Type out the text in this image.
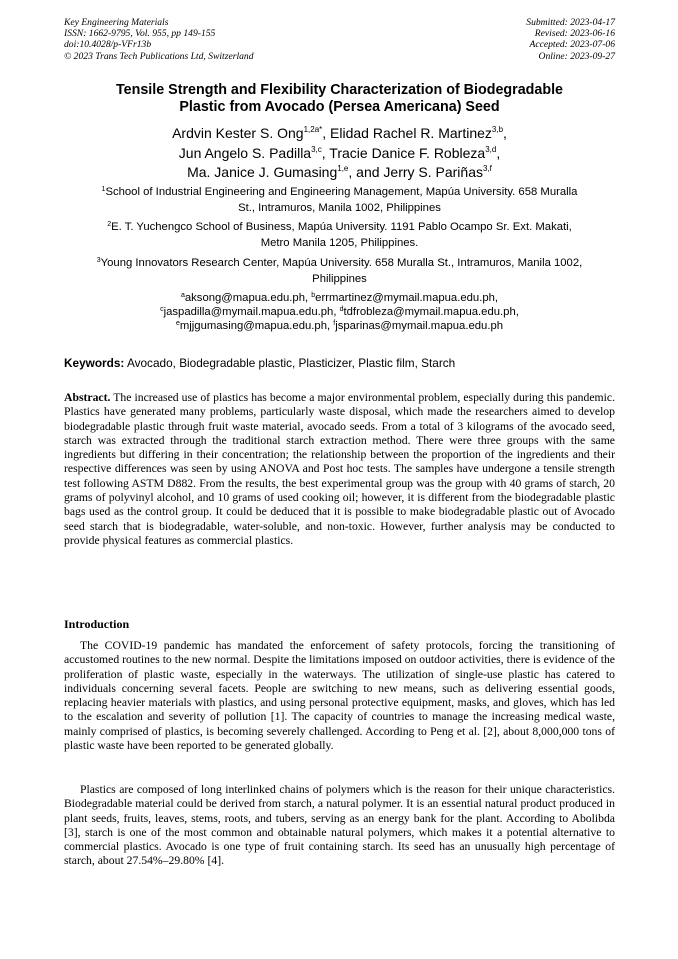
Key Engineering Materials
ISSN: 1662-9795, Vol. 955, pp 149-155
doi:10.4028/p-VFr13b
© 2023 Trans Tech Publications Ltd, Switzerland
Submitted: 2023-04-17
Revised: 2023-06-16
Accepted: 2023-07-06
Online: 2023-09-27
Tensile Strength and Flexibility Characterization of Biodegradable
Plastic from Avocado (Persea Americana) Seed
Ardvin Kester S. Ong$^{1,2a*}$, Elidad Rachel R. Martinez$^{3,b}$,
Jun Angelo S. Padilla$^{3,c}$, Tracie Danice F. Robleza$^{3,d}$,
Ma. Janice J. Gumasing$^{1,e}$, and Jerry S. Pariñas$^{3,f}$
$^1$School of Industrial Engineering and Engineering Management, Mapúa University. 658 Muralla
St., Intramuros, Manila 1002, Philippines
$^2$E. T. Yuchengco School of Business, Mapúa University. 1191 Pablo Ocampo Sr. Ext. Makati,
Metro Manila 1205, Philippines.
$^3$Young Innovators Research Center, Mapúa University. 658 Muralla St., Intramuros, Manila 1002,
Philippines
$^a$aksong@mapua.edu.ph, $^b$errmartinez@mymail.mapua.edu.ph,
$^c$jaspadilla@mymail.mapua.edu.ph, $^d$tdfrobleza@mymail.mapua.edu.ph,
$^e$mjjgumasing@mapua.edu.ph, $^f$jsparinas@mymail.mapua.edu.ph
Keywords: Avocado, Biodegradable plastic, Plasticizer, Plastic film, Starch
Abstract. The increased use of plastics has become a major environmental problem, especially during this pandemic. Plastics have generated many problems, particularly waste disposal, which made the researchers aimed to develop biodegradable plastic through fruit waste material, avocado seeds. From a total of 3 kilograms of the avocado seed, starch was extracted through the traditional starch extraction method. There were three groups with the same ingredients but differing in their concentration; the relationship between the proportion of the ingredients and their respective differences was seen by using ANOVA and Post hoc tests. The samples have undergone a tensile strength test following ASTM D882. From the results, the best experimental group was the group with 40 grams of starch, 20 grams of polyvinyl alcohol, and 10 grams of used cooking oil; however, it is different from the biodegradable plastic bags used as the control group. It could be deduced that it is possible to make biodegradable plastic out of Avocado seed starch that is biodegradable, water-soluble, and non-toxic. However, further analysis may be conducted to provide physical features as commercial plastics.
Introduction
The COVID-19 pandemic has mandated the enforcement of safety protocols, forcing the transitioning of accustomed routines to the new normal. Despite the limitations imposed on outdoor activities, there is evidence of the proliferation of plastic waste, especially in the waterways. The utilization of single-use plastic has catered to individuals concerning several facets. People are switching to new means, such as delivering essential goods, replacing heavier materials with plastics, and using personal protective equipment, masks, and gloves, which has led to the escalation and severity of pollution [1]. The capacity of countries to manage the increasing medical waste, mainly comprised of plastics, is becoming severely challenged. According to Peng et al. [2], about 8,000,000 tons of plastic waste have been reported to be generated globally.
Plastics are composed of long interlinked chains of polymers which is the reason for their unique characteristics. Biodegradable material could be derived from starch, a natural polymer. It is an essential natural product produced in plant seeds, fruits, leaves, stems, roots, and tubers, serving as an energy bank for the plant. According to Abolibda [3], starch is one of the most common and obtainable natural polymers, which makes it a potential alternative to commercial plastics. Avocado is one type of fruit containing starch. Its seed has an unusually high percentage of starch, about 27.54%–29.80% [4].
